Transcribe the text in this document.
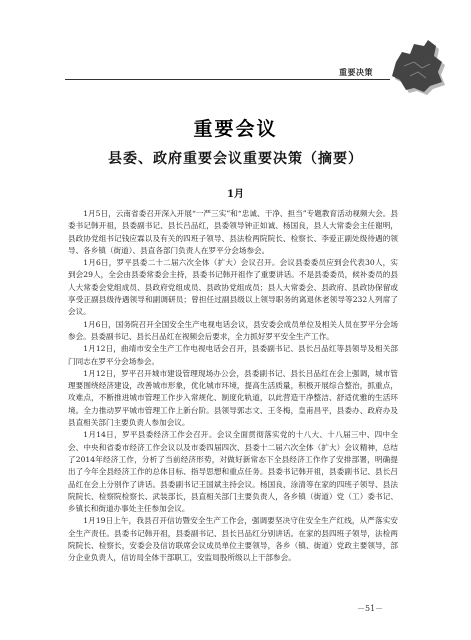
重要决策
重要会议
县委、政府重要会议重要决策（摘要）
1月

1月5日，云南省委召开深入开展“一严三实”和“忠诚、干净、担当”专题教育活动视频大会。县委书记韩开祖，县委副书记、县长吕品红，县委领导钟正如诚、杨国良，县人大常委会主任谢明，县政协党组书记钱应霖以及有关的四班子领导、县法检两院院长、检察长、李爱正副处级待遇的领导、各乡镇（街道）、县直各部门负责人在罗平分会场参会。

1月6日，罗平县委二十二届六次全体（扩大）会议召开。会议县委委员应到会代表30人，实到会29人，全会由县委常委会主持，县委书记韩开祖作了重要讲话。不是县委委员，候补委员的县人大常委会党组成员、县政府党组成员、县政协党组成员；县人大常委会、县政府、县政协保留或享受正副县级待遇领导和副调研员；曾担任过副县级以上领导职务的离退休老领导等232人列席了会议。

1月6日，国务院召开全国安全生产电视电话会议，县安委会成员单位及相关人员在罗平分会场参会。县委副书记、县长吕品红在视频会后要求，全力抓好罗平安全生产工作。

1月12日，曲靖市安全生产工作电视电话会召开，县委副书记、县长吕品红等县领导及相关部门同志在罗平分会场参会。

1月12日，罗平召开城市建设管理现场办公会，县委副书记、县长吕品红在会上强调，城市管理要围绕经济建设，改善城市形象，优化城市环境，提高生活质量，积极开展综合整治，抓重点，攻难点，不断推进城市管理工作步入常规化、制度化轨道，以此营造干净整洁、舒适优雅的生活环境。全力推动罗平城市管理工作上新台阶。县领导郭志文、王冬梅，皇甫昌平，县委办、政府办及县直相关部门主要负责人参加会议。

1月14日，罗平县委经济工作会召开。会议全面贯彻落实党的十八大、十八届三中、四中全会、中央和省委市经济工作会议以及市委四届四次、县委十二届六次全体（扩大）会议精神，总结了2014年经济工作，分析了当前经济形势，对做好新常态下全县经济工作作了安排部署，明确提出了今年全县经济工作的总体目标、指导思想和重点任务。县委书记韩开祖，县委副书记、县长吕品红在会上分别作了讲话。县委副书记王国斌主持会议。杨国良、涂清等在家的四班子领导、县法院院长、检察院检察长、武装部长，县直相关部门主要负责人，各乡镇（街道）党（工）委书记、乡镇长和街道办事处主任参加会议。

1月19日上午，我县召开信访暨安全生产工作会，强调要坚决守住安全生产红线，从严落实安全生产责任。县委书记韩开祖，县委副书记、县长吕品红分别讲话。在家的县四班子领导，法检两院院长、检察长，安委会及信访联席会议成员单位主要领导，各乡（镇、街道）党政主要领导，部分企业负责人，信访局全体干部职工，安监局股所级以上干部参会。

－51－
